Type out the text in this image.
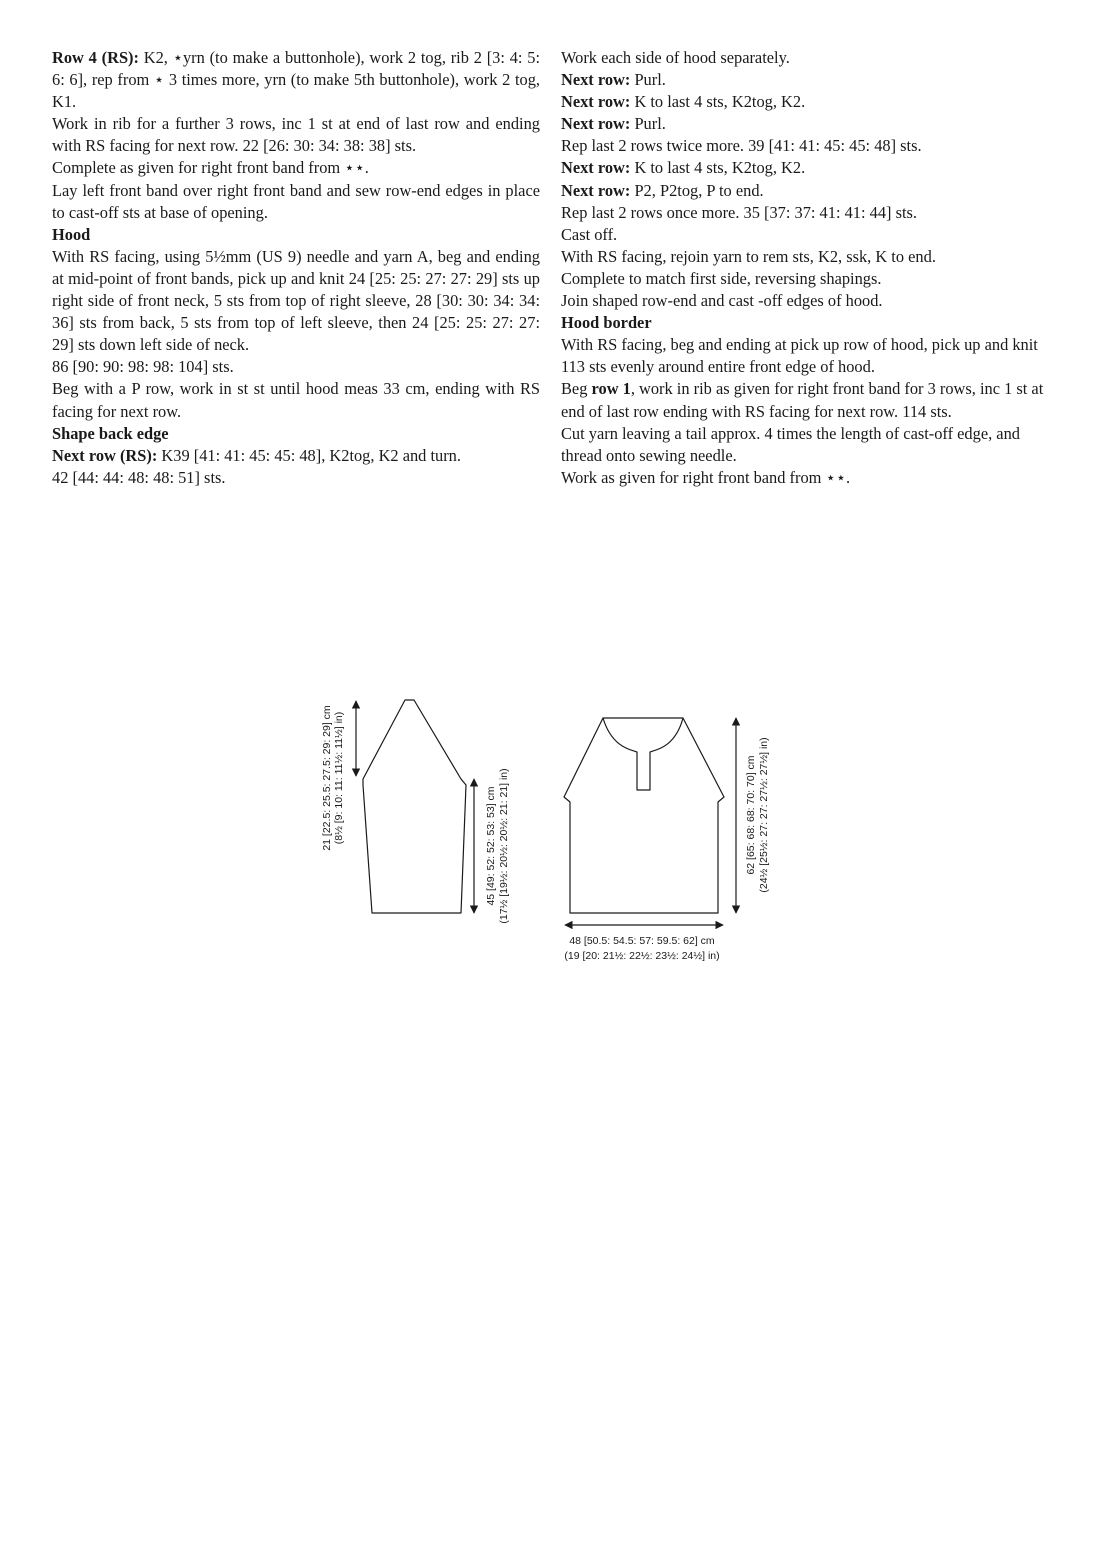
Row 4 (RS): K2, ⋆yrn (to make a buttonhole), work 2 tog, rib 2 [3: 4: 5: 6: 6], rep from ⋆ 3 times more, yrn (to make 5th buttonhole), work 2 tog, K1.

Work in rib for a further 3 rows, inc 1 st at end of last row and ending with RS facing for next row. 22 [26: 30: 34: 38: 38] sts.

Complete as given for right front band from ⋆⋆.

Lay left front band over right front band and sew row-end edges in place to cast-off sts at base of opening.

Hood

With RS facing, using 5½mm (US 9) needle and yarn A, beg and ending at mid-point of front bands, pick up and knit 24 [25: 25: 27: 27: 29] sts up right side of front neck, 5 sts from top of right sleeve, 28 [30: 30: 34: 34: 36] sts from back, 5 sts from top of left sleeve, then 24 [25: 25: 27: 27: 29] sts down left side of neck.

86 [90: 90: 98: 98: 104] sts.

Beg with a P row, work in st st until hood meas 33 cm, ending with RS facing for next row.

Shape back edge

Next row (RS): K39 [41: 41: 45: 45: 48], K2tog, K2 and turn.

42 [44: 44: 48: 48: 51] sts.

Work each side of hood separately.

Next row: Purl.

Next row: K to last 4 sts, K2tog, K2.

Next row: Purl.

Rep last 2 rows twice more. 39 [41: 41: 45: 45: 48] sts.

Next row: K to last 4 sts, K2tog, K2.

Next row: P2, P2tog, P to end.

Rep last 2 rows once more. 35 [37: 37: 41: 41: 44] sts.

Cast off.

With RS facing, rejoin yarn to rem sts, K2, ssk, K to end.

Complete to match first side, reversing shapings.

Join shaped row-end and cast -off edges of hood.

Hood border

With RS facing, beg and ending at pick up row of hood, pick up and knit 113 sts evenly around entire front edge of hood.

Beg row 1, work in rib as given for right front band for 3 rows, inc 1 st at end of last row ending with RS facing for next row. 114 sts.

Cut yarn leaving a tail approx. 4 times the length of cast-off edge, and thread onto sewing needle.

Work as given for right front band from ⋆⋆.

21 [22.5: 25.5: 27.5: 29: 29] cm (8½ [9: 10: 11: 11½: 11½] in)
45 [49: 52: 52: 53: 53] cm (17½ [19½: 20½: 20½: 21: 21] in)	62 [65: 68: 68: 70: 70] cm (24½ [25½: 27: 27: 27½: 27½] in)
48 [50.5: 54.5: 57: 59.5: 62] cm
(19 [20: 21½: 22½: 23½: 24½] in)
